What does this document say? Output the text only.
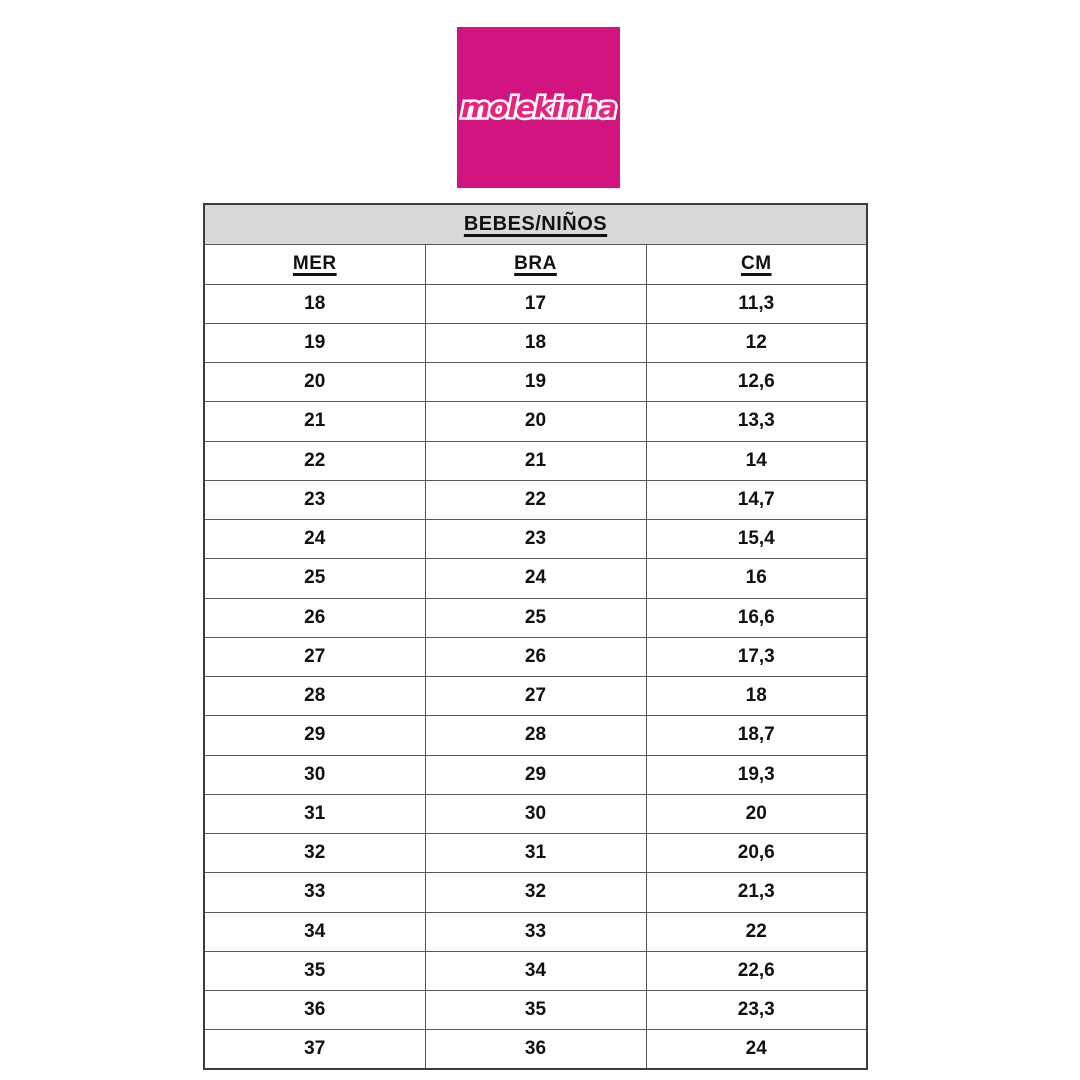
molekinha
BEBES/NIÑOS		
MER	BRA	CM
18	17	11,3
19	18	12
20	19	12,6
21	20	13,3
22	21	14
23	22	14,7
24	23	15,4
25	24	16
26	25	16,6
27	26	17,3
28	27	18
29	28	18,7
30	29	19,3
31	30	20
32	31	20,6
33	32	21,3
34	33	22
35	34	22,6
36	35	23,3
37	36	24
